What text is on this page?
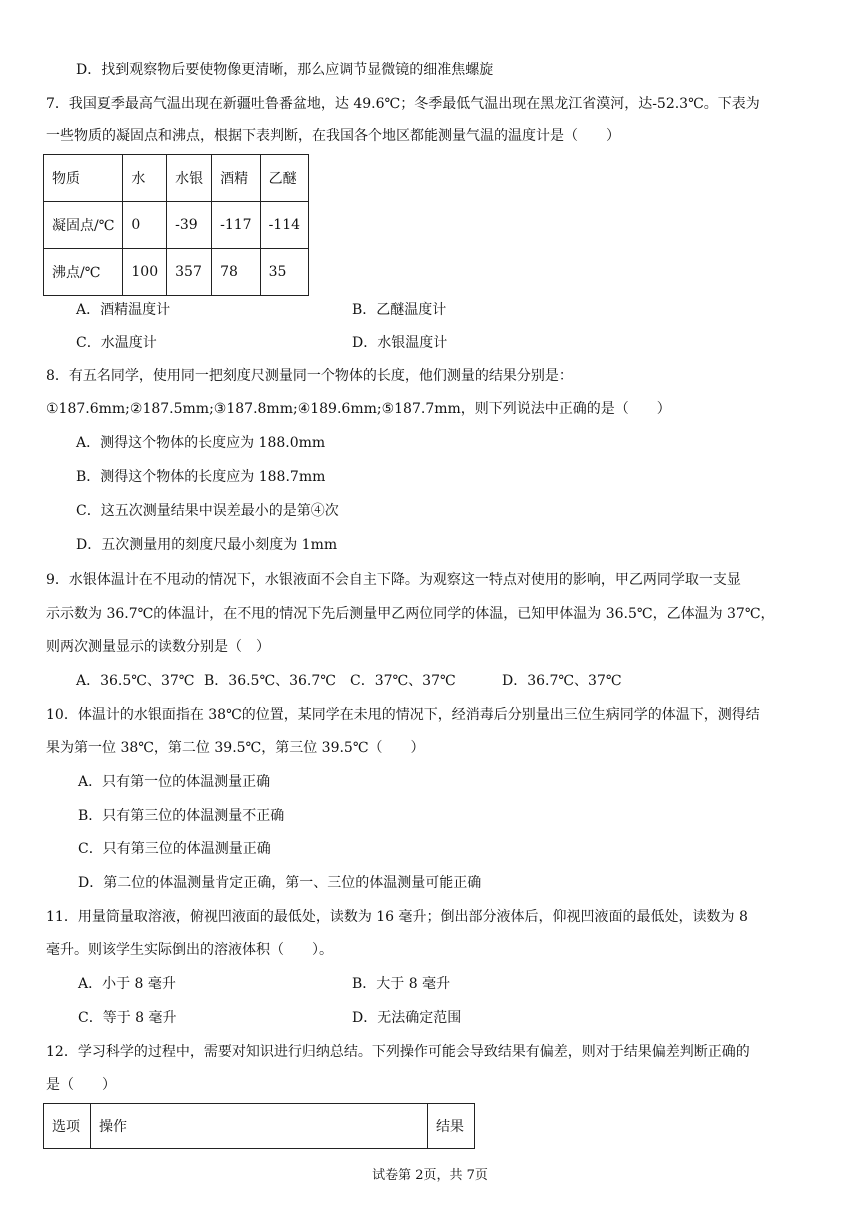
D．找到观察物后要使物像更清晰，那么应调节显微镜的细准焦螺旋
7．我国夏季最高气温出现在新疆吐鲁番盆地，达 49.6℃；冬季最低气温出现在黑龙江省漠河，达-52.3℃。下表为
一些物质的凝固点和沸点，根据下表判断，在我国各个地区都能测量气温的温度计是（　　）
物质	水	水银	酒精	乙醚
凝固点/℃	0	-39	-117	-114
沸点/℃	100	357	78	35
A．酒精温度计	B．乙醚温度计
C．水温度计	D．水银温度计
8．有五名同学，使用同一把刻度尺测量同一个物体的长度，他们测量的结果分别是：
①187.6mm;②187.5mm;③187.8mm;④189.6mm;⑤187.7mm，则下列说法中正确的是（　　）
A．测得这个物体的长度应为 188.0mm
B．测得这个物体的长度应为 188.7mm
C．这五次测量结果中误差最小的是第④次
D．五次测量用的刻度尺最小刻度为 1mm
9．水银体温计在不甩动的情况下，水银液面不会自主下降。为观察这一特点对使用的影响，甲乙两同学取一支显
示示数为 36.7℃的体温计，在不甩的情况下先后测量甲乙两位同学的体温，已知甲体温为 36.5℃，乙体温为 37℃，
则两次测量显示的读数分别是（　）
A．36.5℃、37℃ B．36.5℃、36.7℃ C．37℃、37℃	D．36.7℃、37℃
10．体温计的水银面指在 38℃的位置，某同学在未甩的情况下，经消毒后分别量出三位生病同学的体温下，测得结
果为第一位 38℃，第二位 39.5℃，第三位 39.5℃（　　）
A．只有第一位的体温测量正确
B．只有第三位的体温测量不正确
C．只有第三位的体温测量正确
D．第二位的体温测量肯定正确，第一、三位的体温测量可能正确
11．用量筒量取溶液，俯视凹液面的最低处，读数为 16 毫升；倒出部分液体后，仰视凹液面的最低处，读数为 8
毫升。则该学生实际倒出的溶液体积（　　）。
A．小于 8 毫升	B．大于 8 毫升
C．等于 8 毫升	D．无法确定范围
12．学习科学的过程中，需要对知识进行归纳总结。下列操作可能会导致结果有偏差，则对于结果偏差判断正确的
是（　　）
选项	操作	结果
试卷第 2页，共 7页
